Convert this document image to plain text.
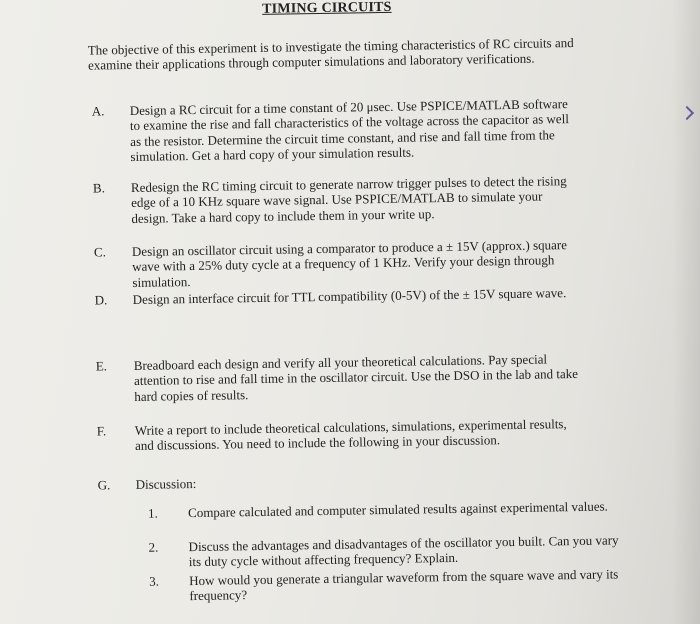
TIMING CIRCUITS
The objective of this experiment is to investigate the timing characteristics of RC circuits and examine their applications through computer simulations and laboratory verifications.
A. Design a RC circuit for a time constant of 20 μsec. Use PSPICE/MATLAB software to examine the rise and fall characteristics of the voltage across the capacitor as well as the resistor. Determine the circuit time constant, and rise and fall time from the simulation. Get a hard copy of your simulation results.
B. Redesign the RC timing circuit to generate narrow trigger pulses to detect the rising edge of a 10 KHz square wave signal. Use PSPICE/MATLAB to simulate your design. Take a hard copy to include them in your write up.
C. Design an oscillator circuit using a comparator to produce a ± 15V (approx.) square wave with a 25% duty cycle at a frequency of 1 KHz. Verify your design through simulation.
D. Design an interface circuit for TTL compatibility (0-5V) of the ± 15V square wave.
E. Breadboard each design and verify all your theoretical calculations. Pay special attention to rise and fall time in the oscillator circuit. Use the DSO in the lab and take hard copies of results.
F. Write a report to include theoretical calculations, simulations, experimental results, and discussions. You need to include the following in your discussion.
G. Discussion:
1. Compare calculated and computer simulated results against experimental values.
2. Discuss the advantages and disadvantages of the oscillator you built. Can you vary its duty cycle without affecting frequency? Explain.
3. How would you generate a triangular waveform from the square wave and vary its frequency?
